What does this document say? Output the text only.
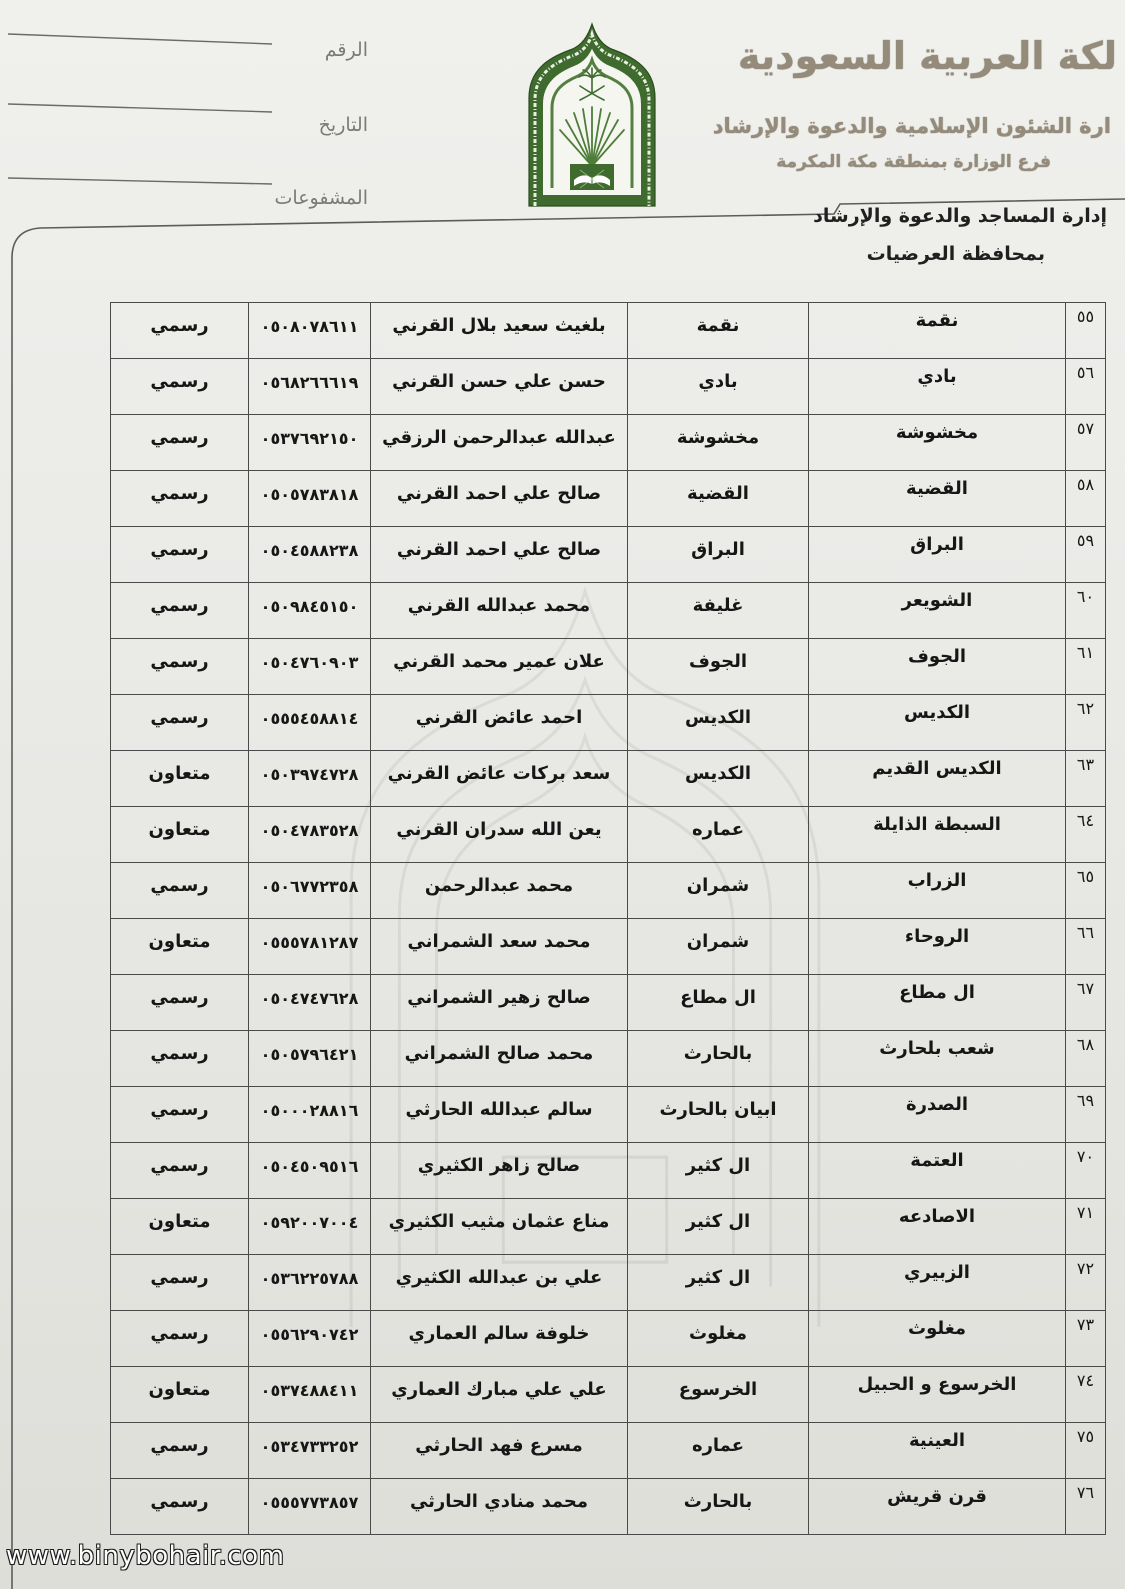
الرقم
التاريخ
المشفوعات
لكة العربية السعودية
ارة الشئون الإسلامية والدعوة والإرشاد
فرع الوزارة بمنطقة مكة المكرمة
إدارة المساجد والدعوة والإرشاد
بمحافظة العرضيات
٥٥	نقمة	نقمة	بلغيث سعيد بلال القرني	٠٥٠٨٠٧٨٦١١	رسمي
٥٦	بادي	بادي	حسن علي حسن القرني	٠٥٦٨٢٦٦٦١٩	رسمي
٥٧	مخشوشة	مخشوشة	عبدالله عبدالرحمن الرزقي	٠٥٣٧٦٩٢١٥٠	رسمي
٥٨	القضية	القضية	صالح علي احمد القرني	٠٥٠٥٧٨٣٨١٨	رسمي
٥٩	البراق	البراق	صالح علي احمد القرني	٠٥٠٤٥٨٨٢٣٨	رسمي
٦٠	الشويعر	غليفة	محمد عبدالله القرني	٠٥٠٩٨٤٥١٥٠	رسمي
٦١	الجوف	الجوف	علان عمير محمد القرني	٠٥٠٤٧٦٠٩٠٣	رسمي
٦٢	الكديس	الكديس	احمد عائض القرني	٠٥٥٥٤٥٨٨١٤	رسمي
٦٣	الكديس القديم	الكديس	سعد بركات عائض القرني	٠٥٠٣٩٧٤٧٢٨	متعاون
٦٤	السبطة الذايلة	عماره	يعن الله سدران القرني	٠٥٠٤٧٨٣٥٢٨	متعاون
٦٥	الزراب	شمران	محمد عبدالرحمن	٠٥٠٦٧٧٢٣٥٨	رسمي
٦٦	الروحاء	شمران	محمد سعد الشمراني	٠٥٥٥٧٨١٢٨٧	متعاون
٦٧	ال مطاع	ال مطاع	صالح زهير الشمراني	٠٥٠٤٧٤٧٦٢٨	رسمي
٦٨	شعب بلحارث	بالحارث	محمد صالح الشمراني	٠٥٠٥٧٩٦٤٢١	رسمي
٦٩	الصدرة	ابيان بالحارث	سالم عبدالله الحارثي	٠٥٠٠٠٢٨٨١٦	رسمي
٧٠	العتمة	ال كثير	صالح زاهر الكثيري	٠٥٠٤٥٠٩٥١٦	رسمي
٧١	الاصادعه	ال كثير	مناع عثمان مثيب الكثيري	٠٥٩٢٠٠٧٠٠٤	متعاون
٧٢	الزبيري	ال كثير	علي بن عبدالله الكثيري	٠٥٣٦٢٢٥٧٨٨	رسمي
٧٣	مغلوث	مغلوث	خلوفة سالم العماري	٠٥٥٦٢٩٠٧٤٢	رسمي
٧٤	الخرسوع و الحبيل	الخرسوع	علي علي مبارك العماري	٠٥٣٧٤٨٨٤١١	متعاون
٧٥	العينية	عماره	مسرع فهد الحارثي	٠٥٣٤٧٣٣٢٥٢	رسمي
٧٦	قرن قريش	بالحارث	محمد منادي الحارثي	٠٥٥٥٧٧٣٨٥٧	رسمي
www.binybohair.com
